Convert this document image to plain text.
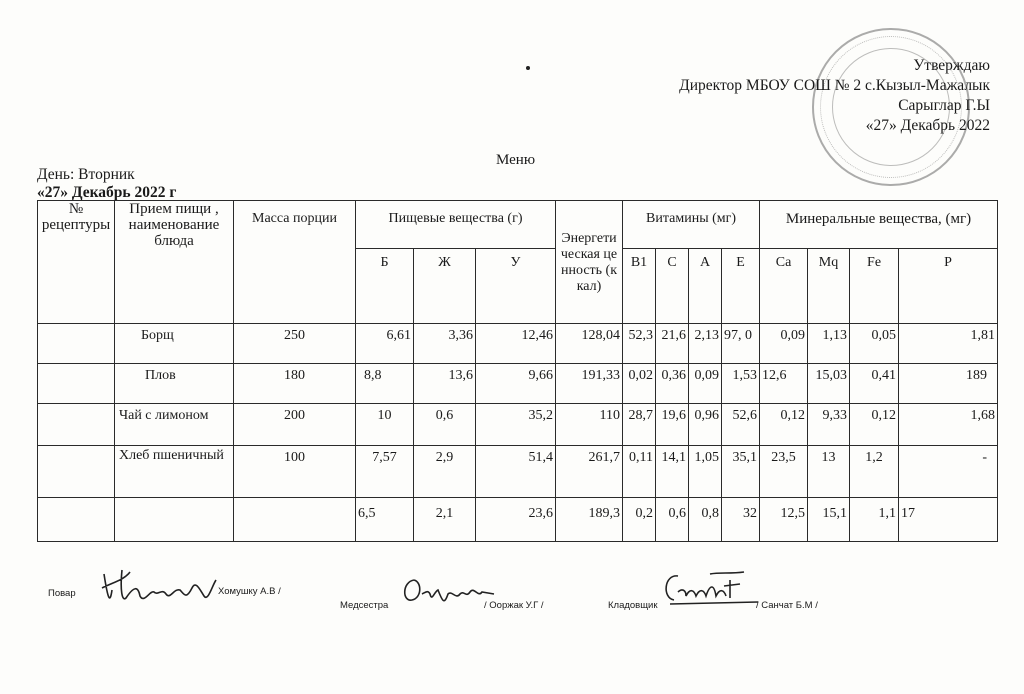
Утверждаю
Директор МБОУ СОШ № 2 с.Кызыл-Мажалык
Сарыглар Г.Ы
«27» Декабрь 2022
Меню
День: Вторник
«27» Декабрь 2022 г
№ рецептуры	Прием пищи , наименование блюда	Масса порции	Пищевые вещества (г)			Энергетическая ценность (ккал)	Витамины (мг)				Минеральные вещества, (мг)			
			Б	Ж	У		B1	C	A	E	Ca	Mq	Fe	P
	Борщ	250	6,61	3,36	12,46	128,04	52,3	21,6	2,13	97, 0	0,09	1,13	0,05	1,81
	Плов	180	8,8	13,6	9,66	191,33	0,02	0,36	0,09	1,53	12,6	15,03	0,41	189
	Чай с лимоном	200	10	0,6	35,2	110	28,7	19,6	0,96	52,6	0,12	9,33	0,12	1,68
	Хлеб пшеничный	100	7,57	2,9	51,4	261,7	0,11	14,1	1,05	35,1	23,5	13	1,2	-
			6,5	2,1	23,6	189,3	0,2	0,6	0,8	32	12,5	15,1	1,1	17
Повар	Хомушку А.В /
Медсестра	/ Ооржак У.Г /	Кладовщик	/ Санчат Б.М /
